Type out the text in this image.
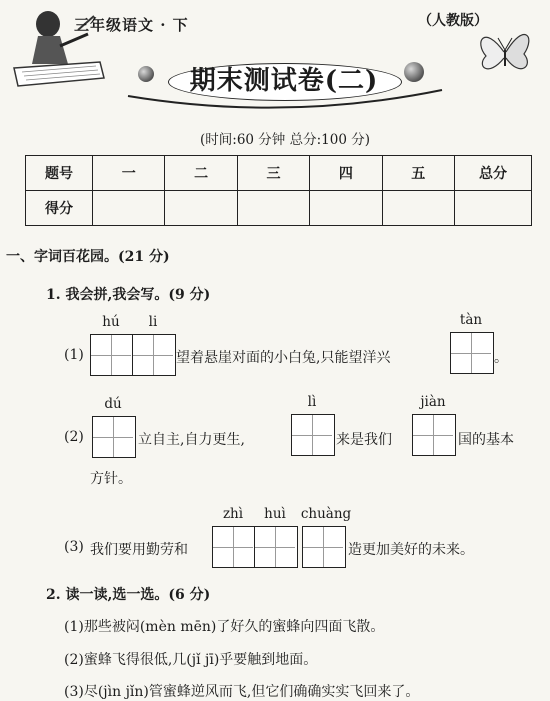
三年级语文 · 下	（人教版）
期末测试卷(二)
(时间:60 分钟 总分:100 分)
题号	一	二	三	四	五	总分
得分						
一、字词百花园。(21 分)
1. 我会拼,我会写。(9 分)
hú	li
(1)	望着悬崖对面的小白兔,只能望洋兴
tàn
。
dú
(2)	立自主,自力更生,
lì
来是我们
jiàn
国的基本
方针。
(3) 我们要用勤劳和
zhì	huì	chuàng
造更加美好的未来。
2. 读一读,选一选。(6 分)
(1)那些被闷(mèn mēn)了好久的蜜蜂向四面飞散。
(2)蜜蜂飞得很低,几(jǐ jī)乎要触到地面。
(3)尽(jìn jǐn)管蜜蜂逆风而飞,但它们确确实实飞回来了。
